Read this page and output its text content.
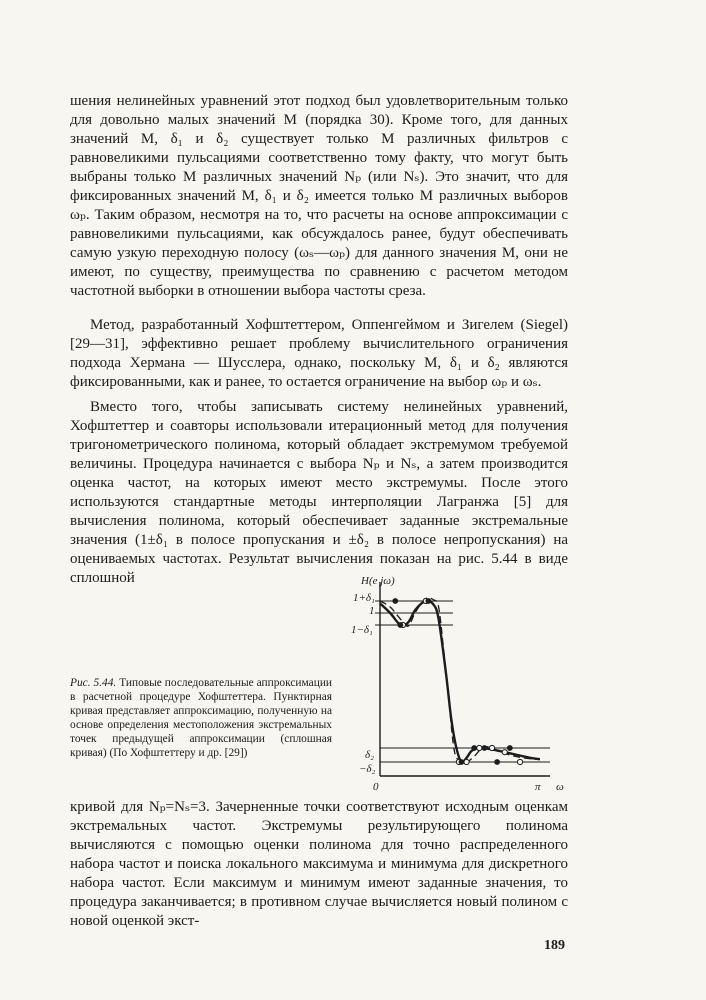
шения нелинейных уравнений этот подход был удовлетворительным только для довольно малых значений M (порядка 30). Кроме того, для данных значений M, δ₁ и δ₂ существует только M различных фильтров с равновеликими пульсациями соответственно тому факту, что могут быть выбраны только M различных значений Nₚ (или Nₛ). Это значит, что для фиксированных значений M, δ₁ и δ₂ имеется только M различных выборов ωₚ. Таким образом, несмотря на то, что расчеты на основе аппроксимации с равновеликими пульсациями, как обсуждалось ранее, будут обеспечивать самую узкую переходную полосу (ωₛ—ωₚ) для данного значения M, они не имеют, по существу, преимущества по сравнению с расчетом методом частотной выборки в отношении выбора частоты среза.

Метод, разработанный Хофштеттером, Оппенгеймом и Зигелем (Siegel) [29—31], эффективно решает проблему вычислительного ограничения подхода Хермана — Шусслера, однако, поскольку M, δ₁ и δ₂ являются фиксированными, как и ранее, то остается ограничение на выбор ωₚ и ωₛ.

Вместо того, чтобы записывать систему нелинейных уравнений, Хофштеттер и соавторы использовали итерационный метод для получения тригонометрического полинома, который обладает экстремумом требуемой величины. Процедура начинается с выбора Nₚ и Nₛ, а затем производится оценка частот, на которых имеют место экстремумы. После этого используются стандартные методы интерполяции Лагранжа [5] для вычисления полинома, который обеспечивает заданные экстремальные значения (1±δ₁ в полосе пропускания и ±δ₂ в полосе непропускания) на оцениваемых частотах. Результат вычисления показан на рис. 5.44 в виде сплошной

Рис. 5.44. Типовые последовательные аппроксимации в расчетной процедуре Хофштеттера. Пунктирная кривая представляет аппроксимацию, полученную на основе определения местоположения экстремальных точек предыдущей аппроксимации (сплошная кривая) (По Хофштеттеру и др. [29])

H(e jω)
1+δ₁
1
1−δ₁
δ₂
−δ₂
0	π ω

кривой для Nₚ=Nₛ=3. Зачерненные точки соответствуют исходным оценкам экстремальных частот. Экстремумы результирующего полинома вычисляются с помощью оценки полинома для точно распределенного набора частот и поиска локального максимума и минимума для дискретного набора частот. Если максимум и минимум имеют заданные значения, то процедура заканчивается; в противном случае вычисляется новый полином с новой оценкой экст-

189
